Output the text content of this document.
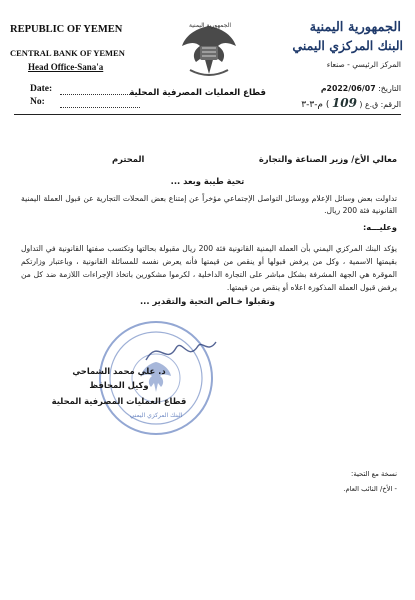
REPUBLIC OF YEMEN
CENTRAL BANK OF YEMEN
Head Office-Sana'a
Date:
No:
الجمهورية اليمنية
قطاع العمليات المصرفية المحلية
الجمهورية اليمنية
البنك المركزي اليمني
المركز الرئيسي - صنعاء
التاريخ: 2022/06/07م
الرقم: ق.ع ( 109 ) م-٣-٣
معالي الأخ/ وزير الصناعة والتجارة
المحترم
تحية طيبة وبعد ...
تداولت بعض وسائل الإعلام ووسائل التواصل الإجتماعي مؤخراً عن إمتناع بعض المحلات التجارية عن قبول العملة اليمنية القانونية فئة 200 ريال.
وعليـــه:
يؤكد البنك المركزي اليمني بأن العملة اليمنية القانونية فئة 200 ريال مقبولة بحالتها وتكتسب صفتها القانونية في التداول بقيمتها الاسمية ، وكل من يرفض قبولها أو ينقص من قيمتها فأنه يعرض نفسه للمسائلة القانونية ، وباعتبار وزارتكم الموقرة هي الجهة المشرفة بشكل مباشر على التجارة الداخلية ، لكرموا مشكورين باتخاذ الإجراءات اللازمة ضد كل من يرفض قبول العملة المذكورة اعلاه أو ينقص من قيمتها.
وتقبلوا خـالص التحية والتقدير ...
البنك المركزي اليمني
د. علي محمد الشماحي
وكيل المحافظ
قطاع العمليات المصرفية المحلية
نسخة مع التحية:
- الأخ/ النائب العام.
